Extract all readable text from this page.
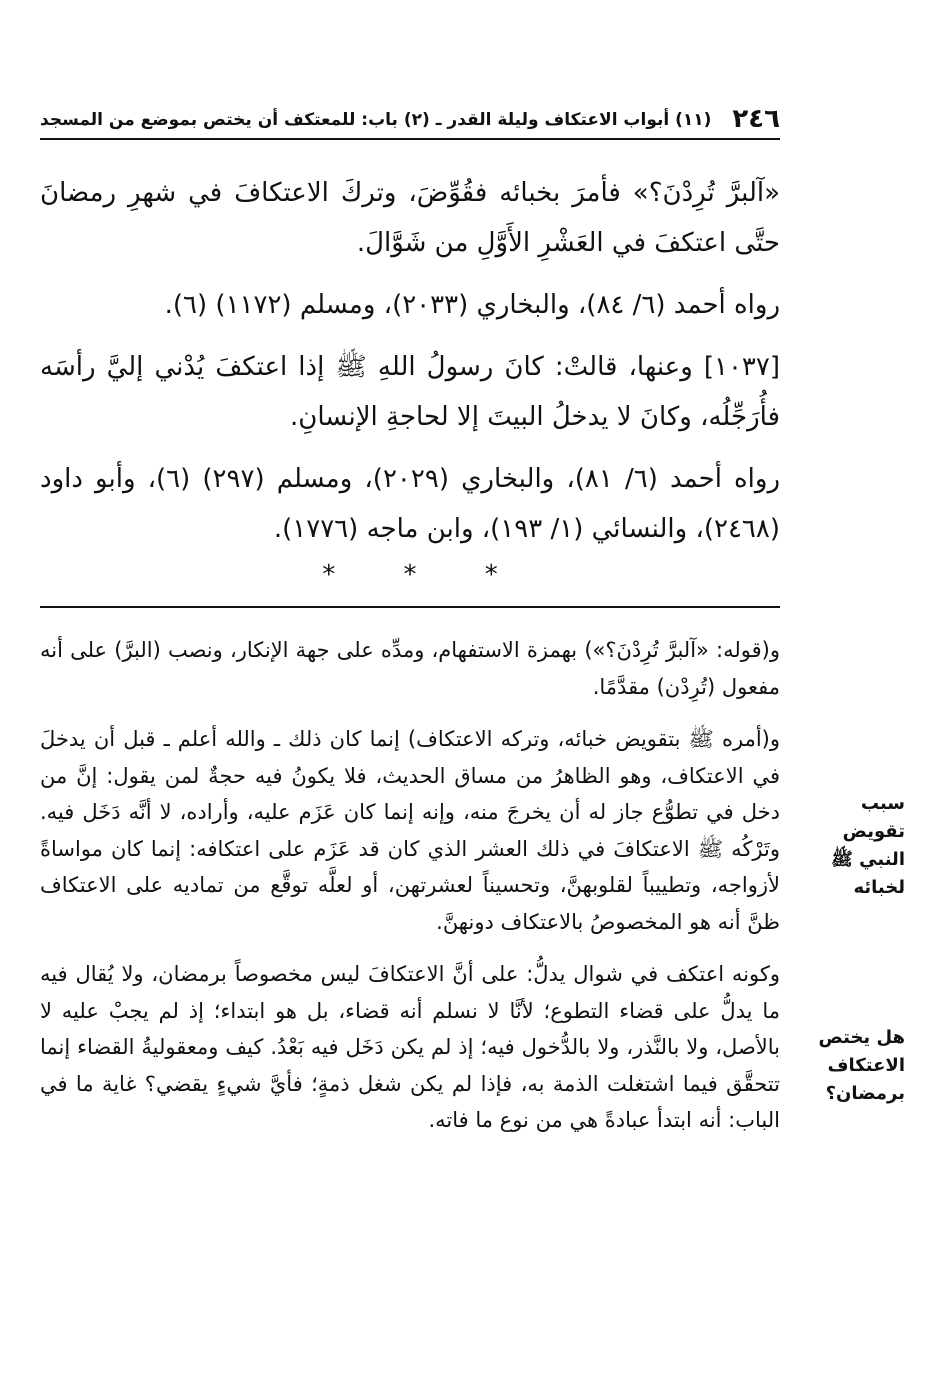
٢٤٦
(١١) أبواب الاعتكاف وليلة القدر ـ (٢) باب: للمعتكف أن يختص بموضع من المسجد

«آلبرَّ تُرِدْنَ؟» فأمرَ بخبائه فقُوِّضَ، وتركَ الاعتكافَ في شهرِ رمضانَ حتَّى اعتكفَ في العَشْرِ الأَوَّلِ من شَوَّالَ.

رواه أحمد (٦/ ٨٤)، والبخاري (٢٠٣٣)، ومسلم (١١٧٢) (٦).

[١٠٣٧] وعنها، قالتْ: كانَ رسولُ اللهِ ﷺ إذا اعتكفَ يُدْني إليَّ رأسَه فأُرَجِّلُه، وكانَ لا يدخلُ البيتَ إلا لحاجةِ الإنسانِ.

رواه أحمد (٦/ ٨١)، والبخاري (٢٠٢٩)، ومسلم (٢٩٧) (٦)، وأبو داود (٢٤٦٨)، والنسائي (١/ ١٩٣)، وابن ماجه (١٧٧٦).

* * *

و(قوله: «آلبرَّ تُرِدْنَ؟») بهمزة الاستفهام، ومدِّه على جهة الإنكار، ونصب (البرَّ) على أنه مفعول (تُرِدْن) مقدَّمًا.

و(أمره ﷺ بتقويض خبائه، وتركه الاعتكاف) إنما كان ذلك ـ والله أعلم ـ قبل أن يدخلَ في الاعتكاف، وهو الظاهرُ من مساق الحديث، فلا يكونُ فيه حجةٌ لمن يقول: إنَّ من دخل في تطوُّع جاز له أن يخرجَ منه، وإنه إنما كان عَزَم عليه، وأراده، لا أنَّه دَخَل فيه. وتَرْكُه ﷺ الاعتكافَ في ذلك العشر الذي كان قد عَزَم على اعتكافه: إنما كان مواساةً لأزواجه، وتطييباً لقلوبهنَّ، وتحسيناً لعشرتهن، أو لعلَّه توقَّع من تماديه على الاعتكاف ظنَّ أنه هو المخصوصُ بالاعتكاف دونهنَّ.

وكونه اعتكف في شوال يدلُّ: على أنَّ الاعتكافَ ليس مخصوصاً برمضان، ولا يُقال فيه ما يدلُّ على قضاء التطوع؛ لأنَّا لا نسلم أنه قضاء، بل هو ابتداء؛ إذ لم يجبْ عليه لا بالأصل، ولا بالنَّذر، ولا بالدُّخول فيه؛ إذ لم يكن دَخَل فيه بَعْدُ. كيف ومعقوليةُ القضاء إنما تتحقَّق فيما اشتغلت الذمة به، فإذا لم يكن شغل ذمةٍ؛ فأيَّ شيءٍ يقضي؟ غاية ما في الباب: أنه ابتدأ عبادةً هي من نوع ما فاته.

سبب تقويض النبي ﷺ لخبائه
هل يختص الاعتكاف برمضان؟
